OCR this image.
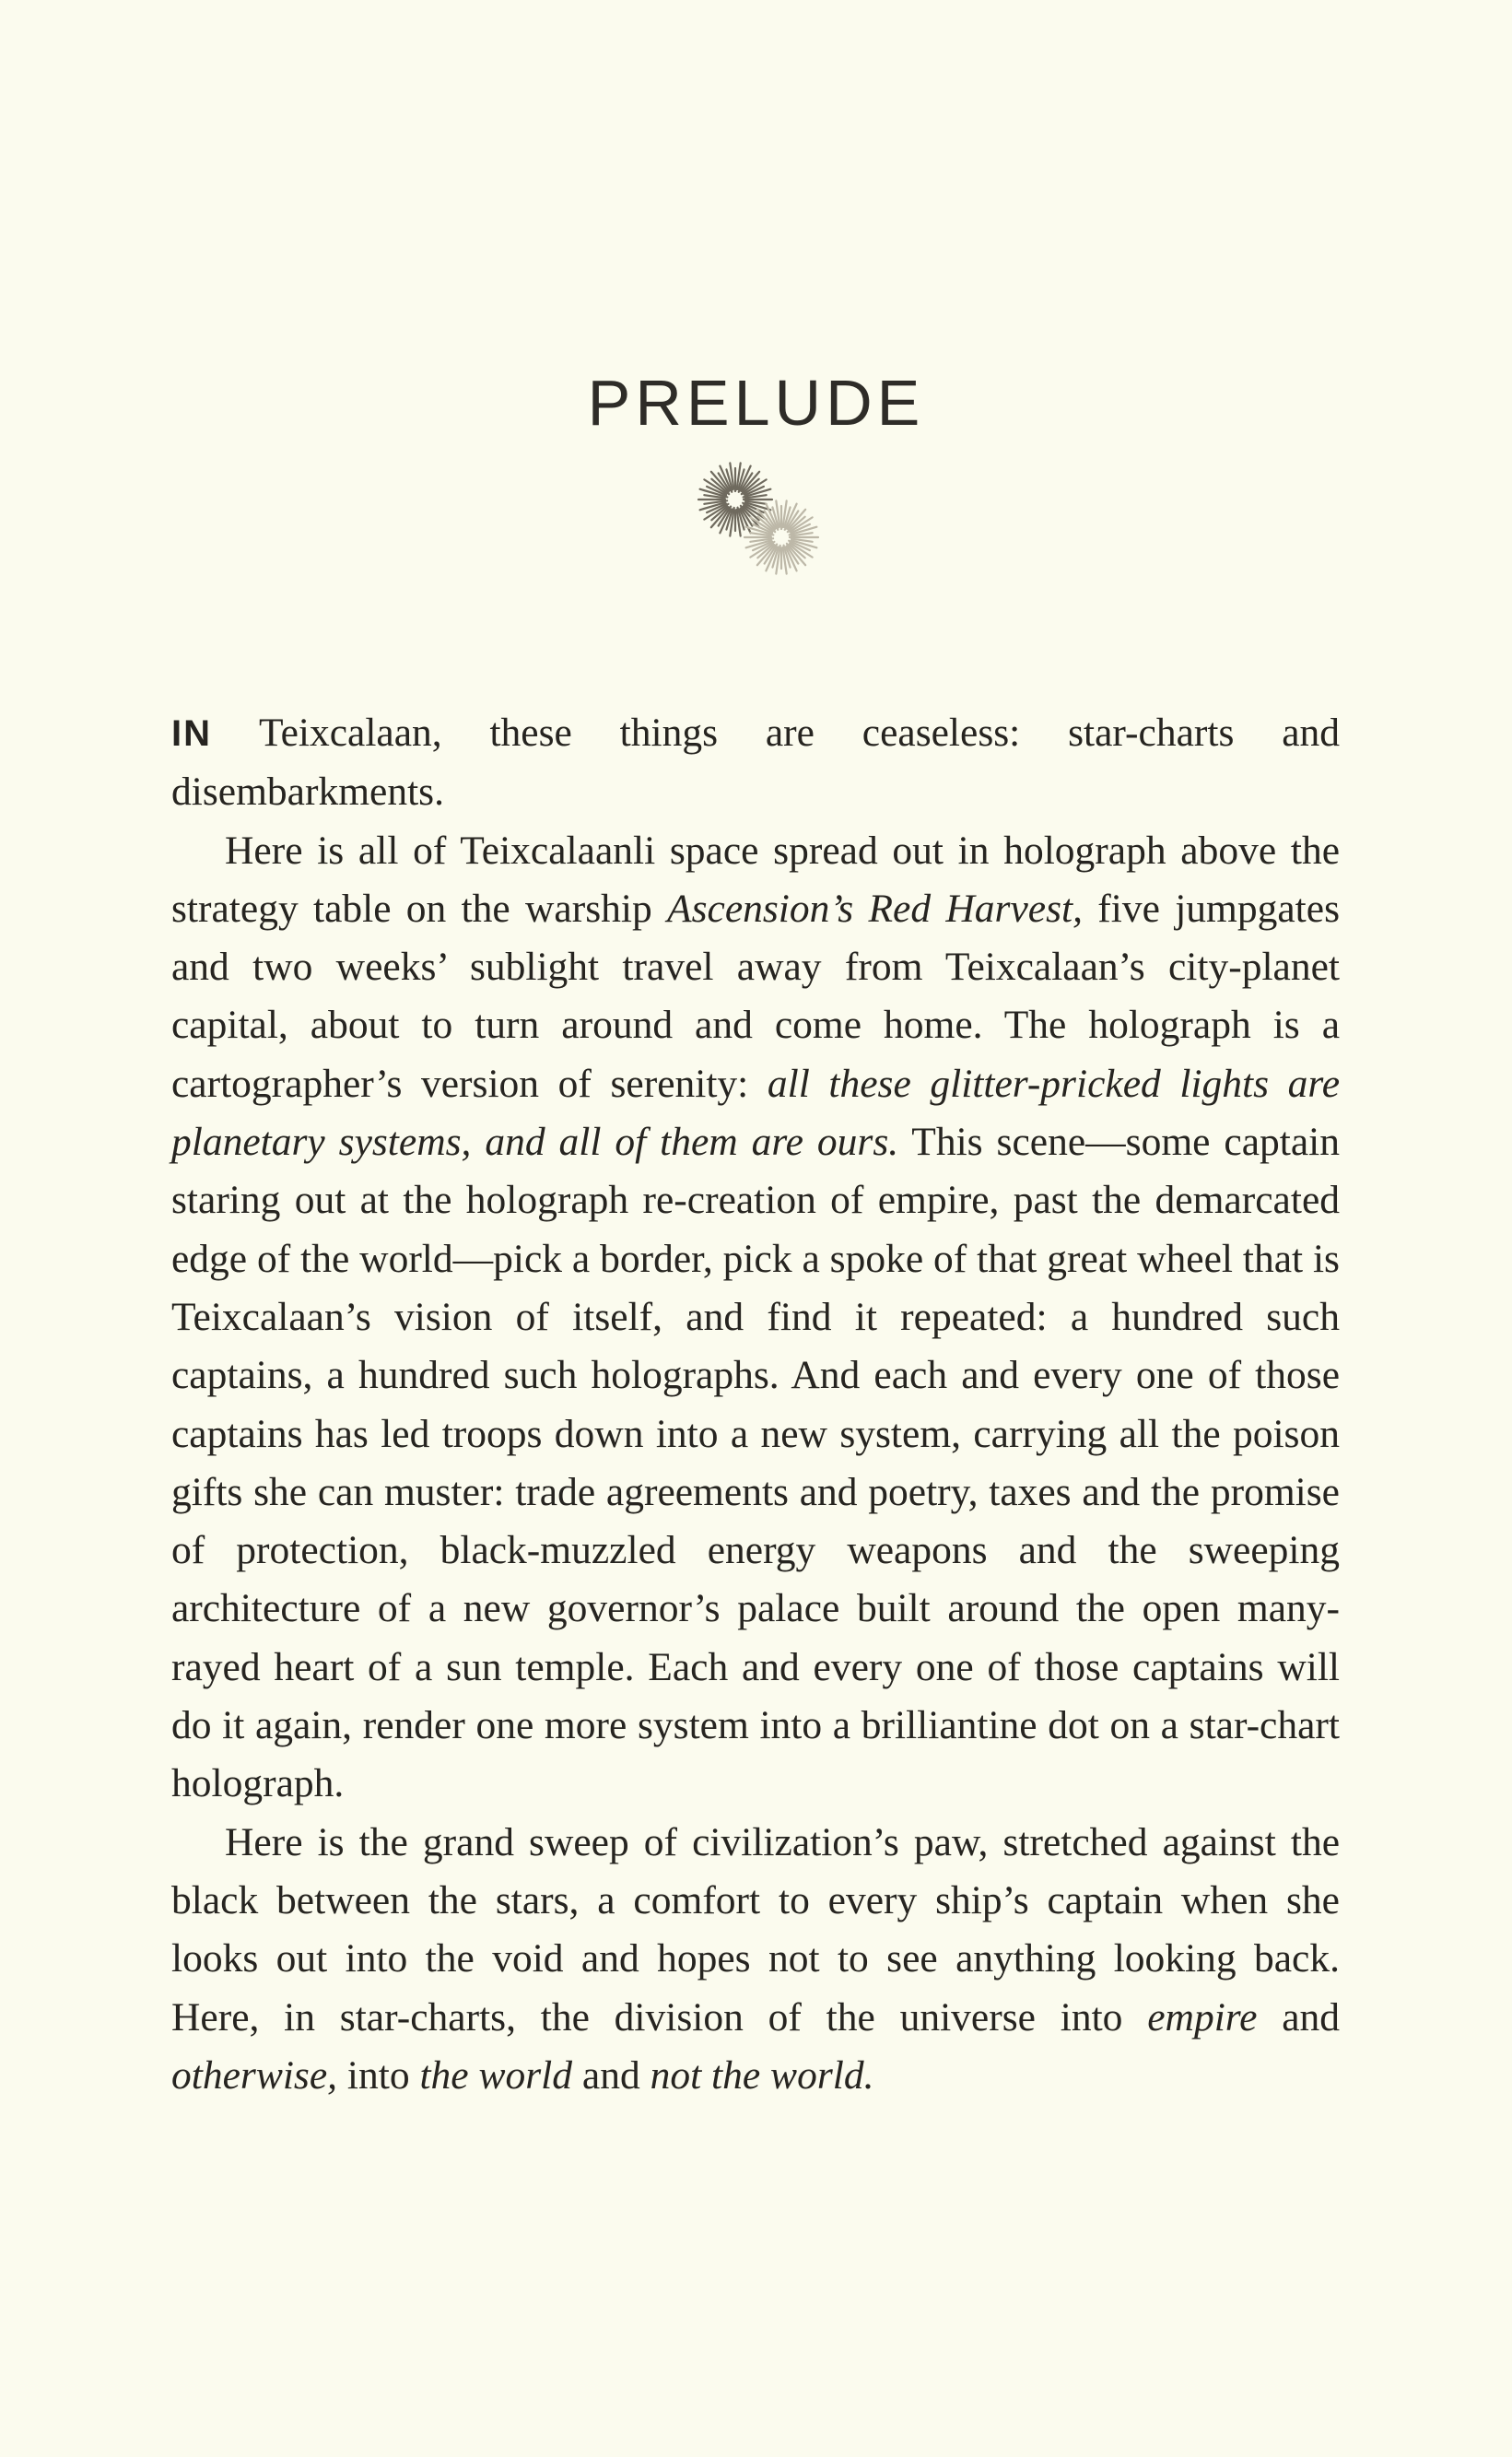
PRELUDE

IN Teixcalaan, these things are ceaseless: star-charts and disembarkments.

Here is all of Teixcalaanli space spread out in holograph above the strategy table on the warship Ascension’s Red Harvest, five jumpgates and two weeks’ sublight travel away from Teixcalaan’s city-planet capital, about to turn around and come home. The holograph is a cartographer’s version of serenity: all these glitter-pricked lights are planetary systems, and all of them are ours. This scene—some captain staring out at the holograph re-creation of empire, past the demarcated edge of the world—pick a border, pick a spoke of that great wheel that is Teixcalaan’s vision of itself, and find it repeated: a hundred such captains, a hundred such holographs. And each and every one of those captains has led troops down into a new system, carrying all the poison gifts she can muster: trade agreements and poetry, taxes and the promise of protection, black-muzzled energy weapons and the sweeping architecture of a new governor’s palace built around the open many-rayed heart of a sun temple. Each and every one of those captains will do it again, render one more system into a brilliantine dot on a star-chart holograph.

Here is the grand sweep of civilization’s paw, stretched against the black between the stars, a comfort to every ship’s captain when she looks out into the void and hopes not to see anything looking back. Here, in star-charts, the division of the universe into empire and otherwise, into the world and not the world.
